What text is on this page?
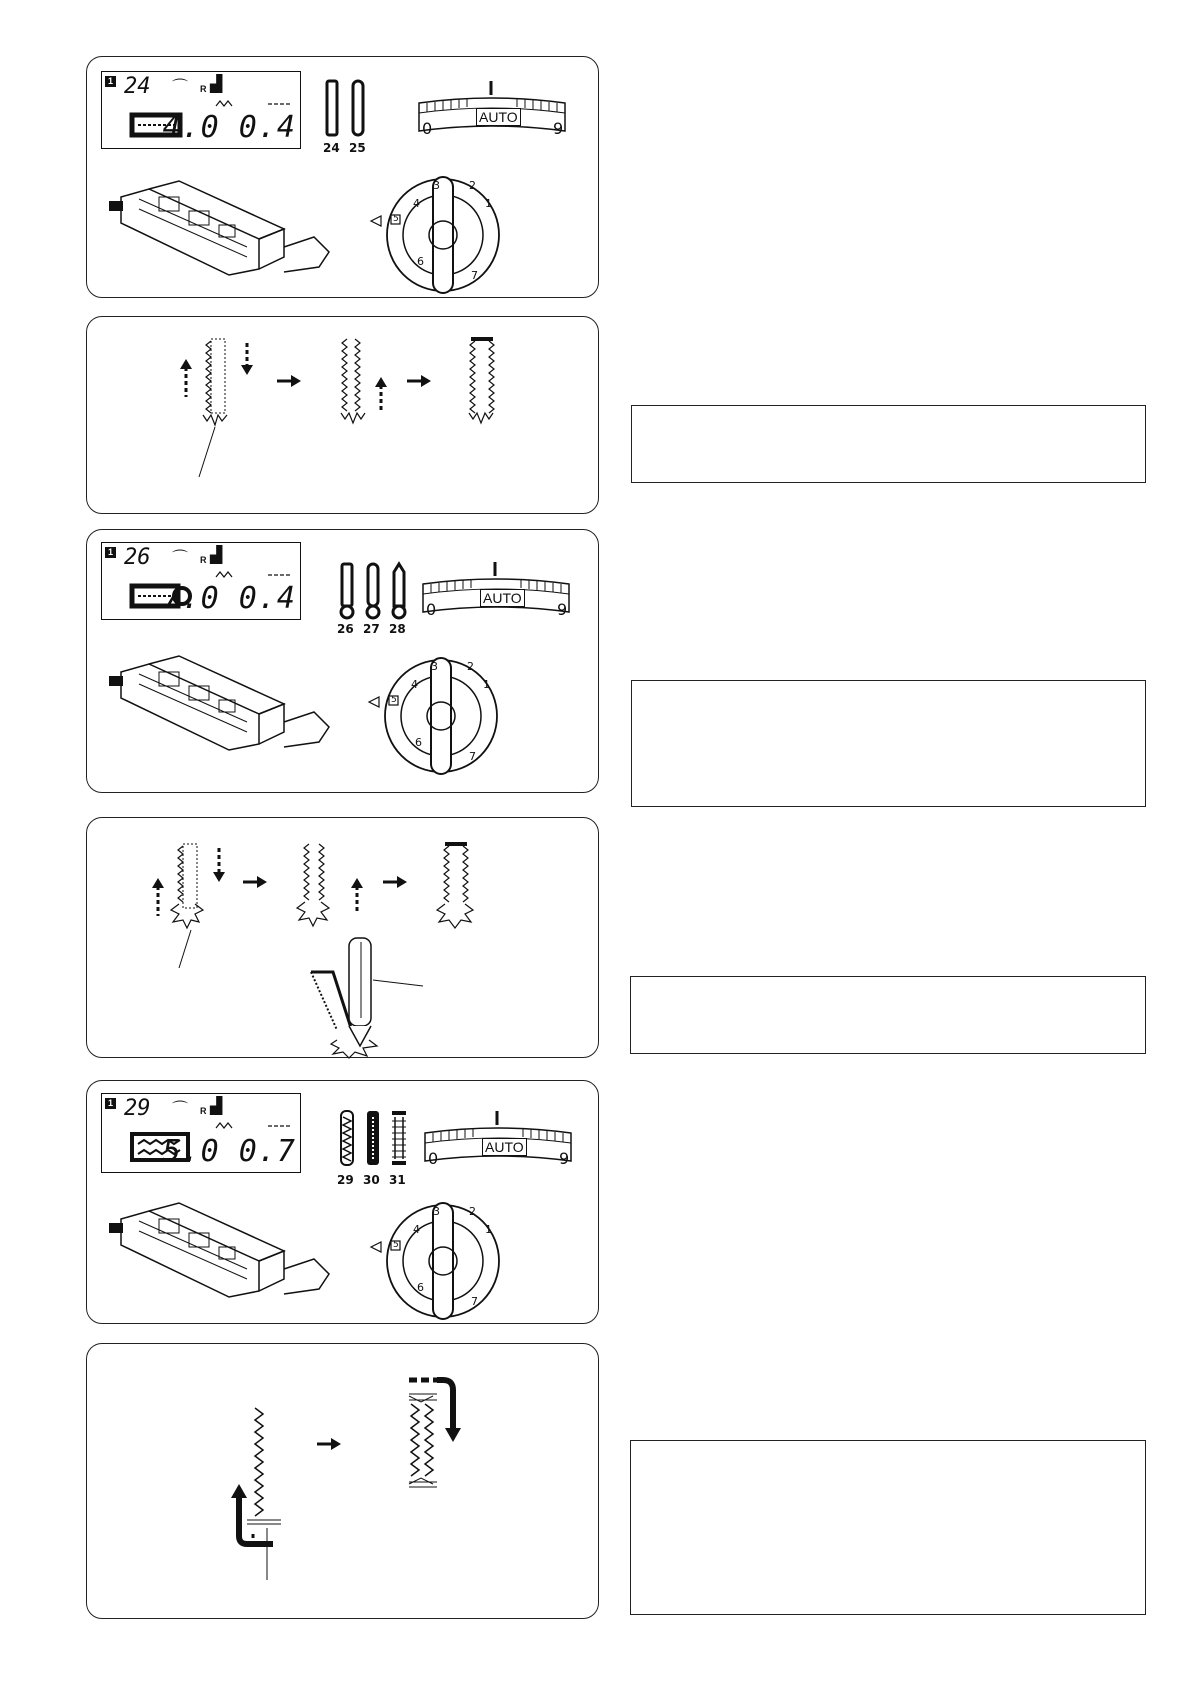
1 24 ⌒ R ▟
4.0 0.4
24 25
AUTO
0	9
3	2
1
4
5
6
7
1 26 ⌒ R ▟
7.0 0.4
26 27 28
AUTO
0	9
3	2
1
4
5
6
7
1 29 ⌒ R ▟
5.0 0.7
29 30 31
AUTO
0	9
3	2
1
4
5
6
7
